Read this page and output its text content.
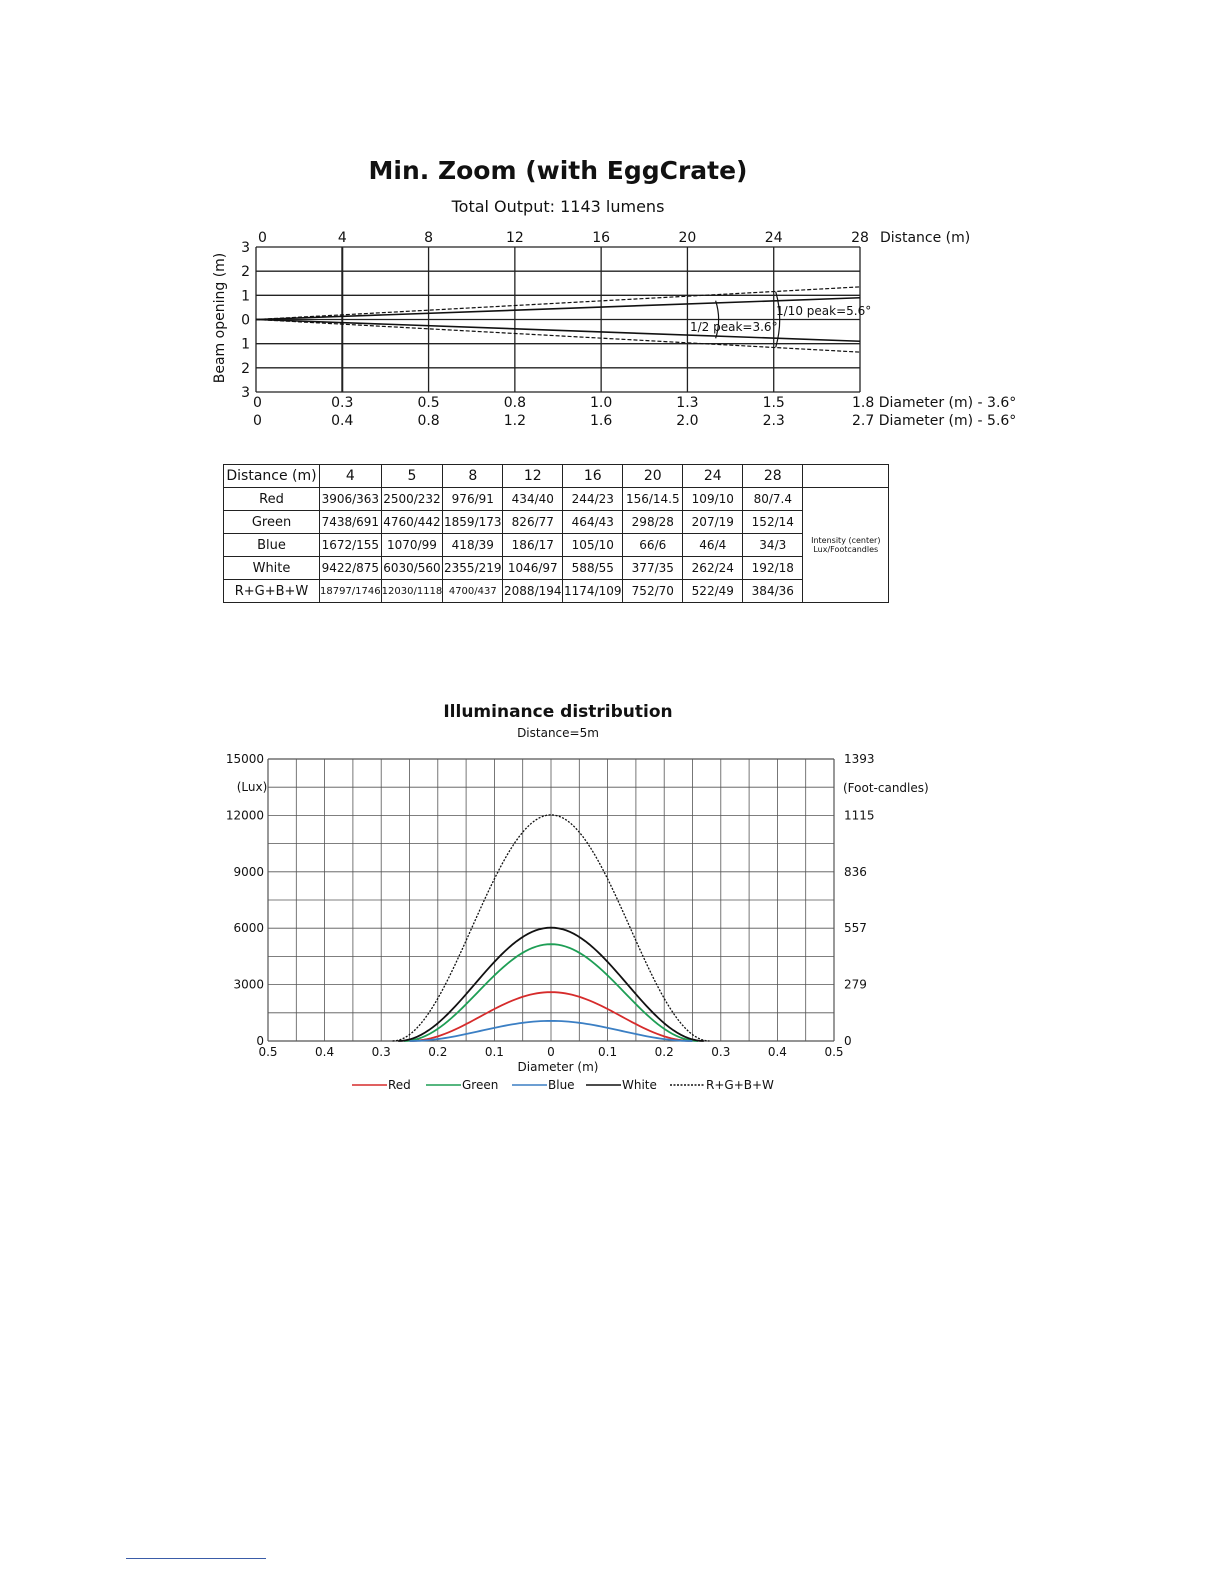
Min. Zoom (with EggCrate)
Total Output: 1143 lumens
3
2
1
0
1
2
3
0	4	8	12	16	20	24	28
0	0.3	0.5	0.8	1.0	1.3	1.5
0	0.4	0.8	1.2	1.6	2.0	2.3
Beam opening (m)
Distance (m)
1/10 peak=5.6°
1/2 peak=3.6°
1.8 Diameter (m) - 3.6°
2.7 Diameter (m) - 5.6°
Distance (m)	4	5	8	12	16	20	24	28	
Red	3906/363	2500/232	976/91	434/40	244/23	156/14.5	109/10	80/7.4	Intensity (center)
Lux/Footcandles
Green	7438/691	4760/442	1859/173	826/77	464/43	298/28	207/19	152/14	
Blue	1672/155	1070/99	418/39	186/17	105/10	66/6	46/4	34/3	
White	9422/875	6030/560	2355/219	1046/97	588/55	377/35	262/24	192/18	
R+G+B+W	18797/1746	12030/1118	4700/437	2088/194	1174/109	752/70	522/49	384/36	
Illuminance distribution
Distance=5m
0	0
3000	279
6000	557
9000	836
12000	1115
15000	1393
0.5	0.4	0.3	0.2	0.1	0	0.1	0.2	0.3	0.4	0.5
(Lux)	(Foot-candles)
Diameter (m)
Red	Green	Blue	White	R+G+B+W
